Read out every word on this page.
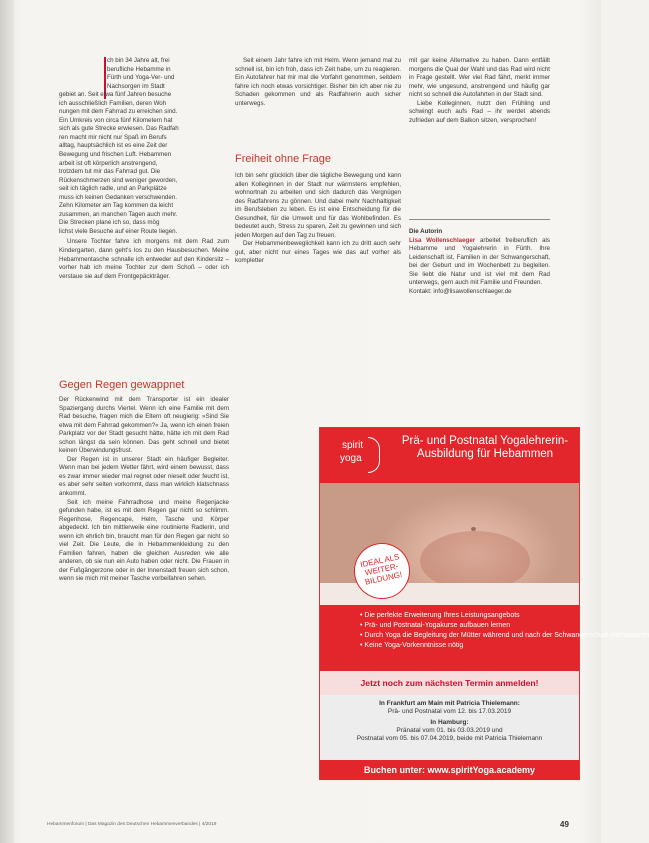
ch bin 34 Jahre alt, frei
berufliche Hebamme in
Fürth und Yoga-Ver- und
Nachsorgen im Stadt
gebiet an. Seit etwa fünf Jahren besuche
ich ausschließlich Familien, deren Woh
nungen mit dem Fahrrad zu erreichen sind.
Ein Umkreis von circa fünf Kilometern hat
sich als gute Strecke erwiesen. Das Radfah
ren macht mir nicht nur Spaß im Berufs
alltag, hauptsächlich ist es eine Zeit der
Bewegung und frischen Luft. Hebammen
arbeit ist oft körperlich anstrengend,
trotzdem tut mir das Fahrrad gut. Die
Rückenschmerzen sind weniger geworden,
seit ich täglich radle, und an Parkplätze
muss ich keinen Gedanken verschwenden.
Zehn Kilometer am Tag kommen da leicht
zusammen, an manchen Tagen auch mehr.
Die Strecken plane ich so, dass mög
lichst viele Besuche auf einer Route liegen.

Unsere Tochter fahre ich morgens mit dem Rad zum Kindergarten, dann geht's los zu den Hausbesuchen. Meine Hebammentasche schnalle ich entweder auf den Kindersitz – vorher hab ich meine Tochter zur dem Schoß – oder ich verstaue sie auf dem Frontgepäckträger.

Gegen Regen gewappnet

Der Rückenwind mit dem Transporter ist ein idealer Spaziergang durchs Viertel. Wenn ich eine Familie mit dem Rad besuche, fragen mich die Eltern oft neugierig: »Sind Sie etwa mit dem Fahrrad gekommen?« Ja, wenn ich einen freien Parkplatz vor der Stadt gesucht hätte, hätte ich mit dem Rad schon längst da sein können. Das geht schnell und bietet keinen Überwindungsfrust.

Der Regen ist in unserer Stadt ein häufiger Begleiter. Wenn man bei jedem Wetter fährt, wird einem bewusst, dass es zwar immer wieder mal regnet oder nieselt oder feucht ist, es aber sehr selten vorkommt, dass man wirklich klatschnass ankommt.

Seit ich meine Fahrradhose und meine Regenjacke gefunden habe, ist es mit dem Regen gar nicht so schlimm. Regenhose, Regencape, Helm, Tasche und Körper abgedeckt. Ich bin mittlerweile eine routinierte Radlerin, und wenn ich ehrlich bin, braucht man für den Regen gar nicht so viel Zeit. Die Leute, die in Hebammenkleidung zu den Familien fahren, haben die gleichen Ausreden wie alle anderen, ob sie nun ein Auto haben oder nicht. Die Frauen in der Fußgängerzone oder in der Innenstadt freuen sich schon, wenn sie mich mit meiner Tasche vorbeifahren sehen.

Seit einem Jahr fahre ich mit Helm. Wenn jemand mal zu schnell ist, bin ich froh, dass ich Zeit habe, um zu reagieren. Ein Autofahrer hat mir mal die Vorfahrt genommen, seitdem fahre ich noch etwas vorsichtiger. Bisher bin ich aber nie zu Schaden gekommen und als Radfahrerin auch sicher unterwegs.

Freiheit ohne Frage

Ich bin sehr glücklich über die tägliche Bewegung und kann allen Kolleginnen in der Stadt nur wärmstens empfehlen, wohnortnah zu arbeiten und sich dadurch das Vergnügen des Radfahrens zu gönnen. Und dabei mehr Nachhaltigkeit im Berufsleben zu leben. Es ist eine Entscheidung für die Gesundheit, für die Umwelt und für das Wohlbefinden. Es bedeutet auch, Stress zu sparen, Zeit zu gewinnen und sich jeden Morgen auf den Tag zu freuen.

Der Hebammenbeweglichkeit kann ich zu dritt auch sehr gut, aber nicht nur eines Tages wie das auf vorher als kompletter

mit gar keine Alternative zu haben. Dann entfällt morgens die Qual der Wahl und das Rad wird nicht in Frage gestellt. Wer viel Rad fährt, merkt immer mehr, wie ungesund, anstrengend und häufig gar nicht so schnell die Autofahrten in der Stadt sind.

Liebe Kolleginnen, nutzt den Frühling und schwingt euch aufs Rad – ihr werdet abends zufrieden auf dem Balkon sitzen, versprochen!

Die Autorin

Lisa Wollenschlaeger arbeitet freiberuflich als Hebamme und Yogalehrerin in Fürth. Ihre Leidenschaft ist, Familien in der Schwangerschaft, bei der Geburt und im Wochenbett zu begleiten. Sie liebt die Natur und ist viel mit dem Rad unterwegs, gern auch mit Familie und Freunden.

Kontakt: info@lisawollenschlaeger.de

spirit
yoga
Prä- und Postnatal Yogalehrerin-Ausbildung für Hebammen
IDEAL ALS WEITER-BILDUNG!
• Die perfekte Erweiterung Ihres Leistungsangebots
• Prä- und Postnatal-Yogakurse aufbauen lernen
• Durch Yoga die Begleitung der Mütter während und nach der Schwangerschaft intensivieren
• Keine Yoga-Vorkenntnisse nötig
Jetzt noch zum nächsten Termin anmelden!
In Frankfurt am Main mit Patricia Thielemann:
Prä- und Postnatal vom 12. bis 17.03.2019
In Hamburg:
Pränatal vom 01. bis 03.03.2019 und
Postnatal vom 05. bis 07.04.2019, beide mit Patricia Thielemann
Buchen unter: www.spiritYoga.academy
Hebammenforum | Das Magazin des Deutschen Hebammenverbandes | 4/2019	49
